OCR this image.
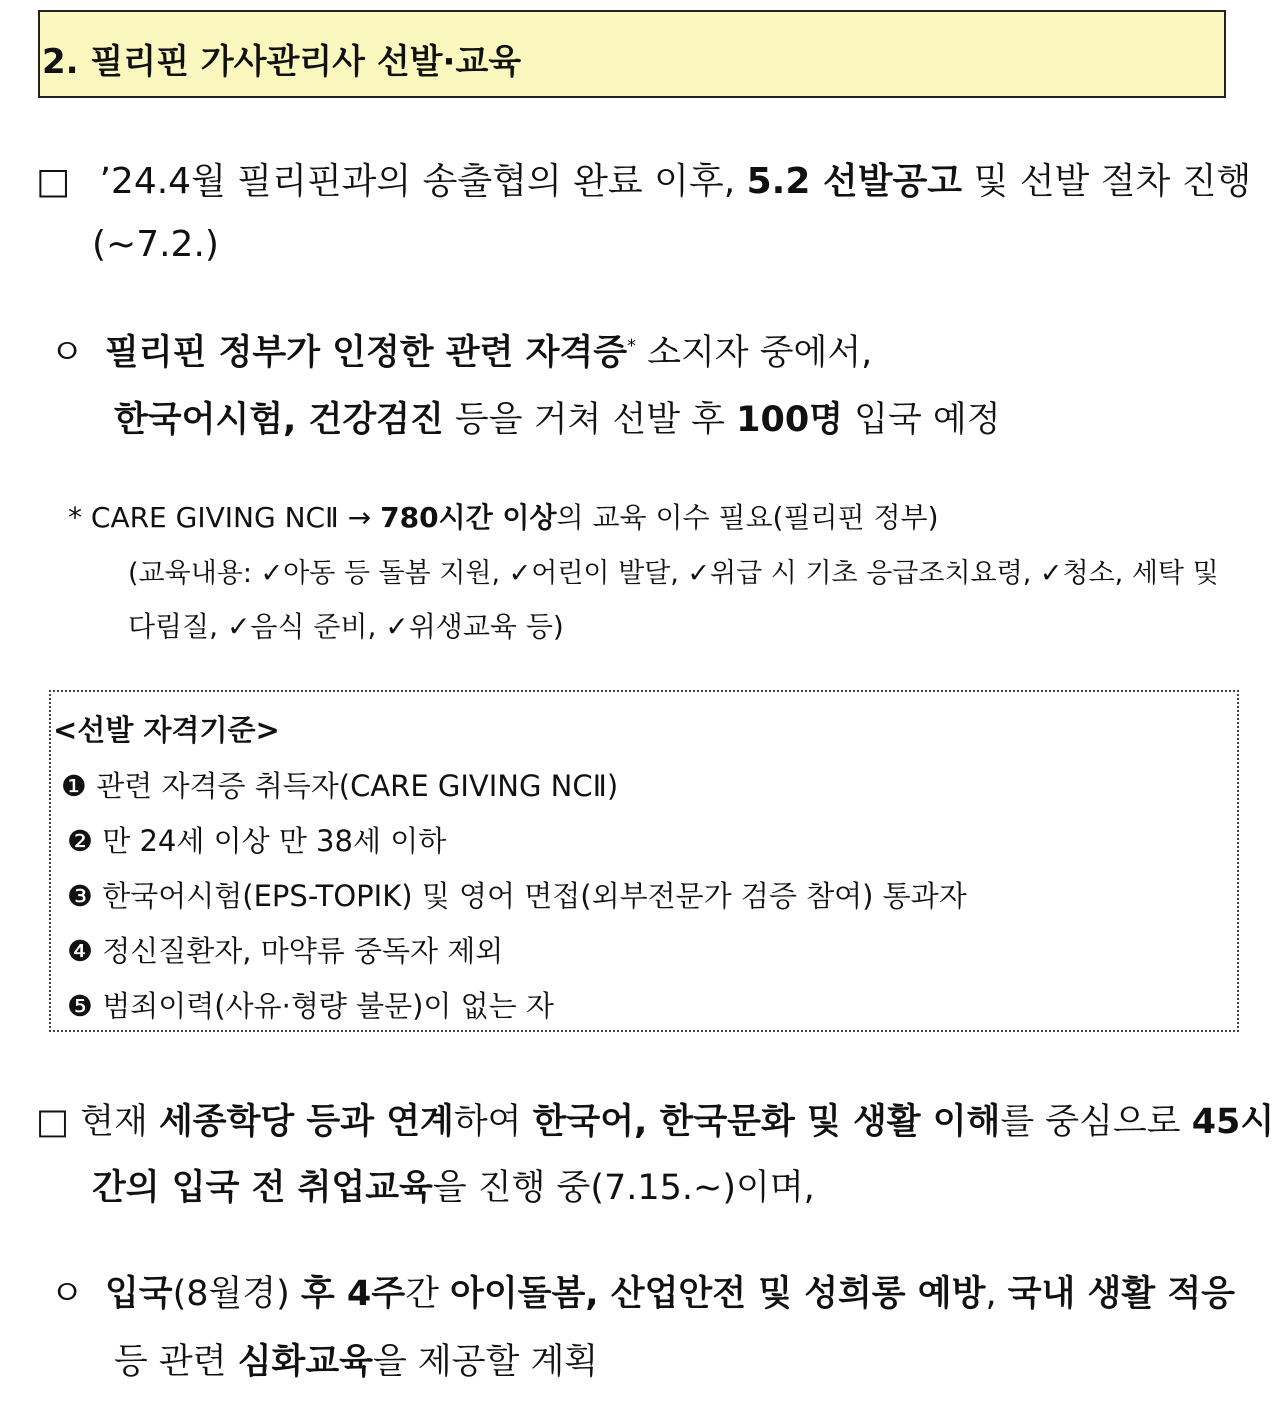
2. 필리핀 가사관리사 선발·교육
□ ’24.4월 필리핀과의 송출협의 완료 이후, 5.2 선발공고 및 선발 절차 진행
(~7.2.)
ㅇ 필리핀 정부가 인정한 관련 자격증* 소지자 중에서,
한국어시험, 건강검진 등을 거쳐 선발 후 100명 입국 예정
* CARE GIVING NCⅡ → 780시간 이상의 교육 이수 필요(필리핀 정부)
(교육내용: ✓아동 등 돌봄 지원, ✓어린이 발달, ✓위급 시 기초 응급조치요령, ✓청소, 세탁 및
다림질, ✓음식 준비, ✓위생교육 등)
<선발 자격기준>
❶ 관련 자격증 취득자(CARE GIVING NCⅡ)
❷ 만 24세 이상 만 38세 이하
❸ 한국어시험(EPS-TOPIK) 및 영어 면접(외부전문가 검증 참여) 통과자
❹ 정신질환자, 마약류 중독자 제외
❺ 범죄이력(사유·형량 불문)이 없는 자
□ 현재 세종학당 등과 연계하여 한국어, 한국문화 및 생활 이해를 중심으로 45시
간의 입국 전 취업교육을 진행 중(7.15.~)이며,
ㅇ 입국(8월경) 후 4주간 아이돌봄, 산업안전 및 성희롱 예방, 국내 생활 적응
등 관련 심화교육을 제공할 계획
